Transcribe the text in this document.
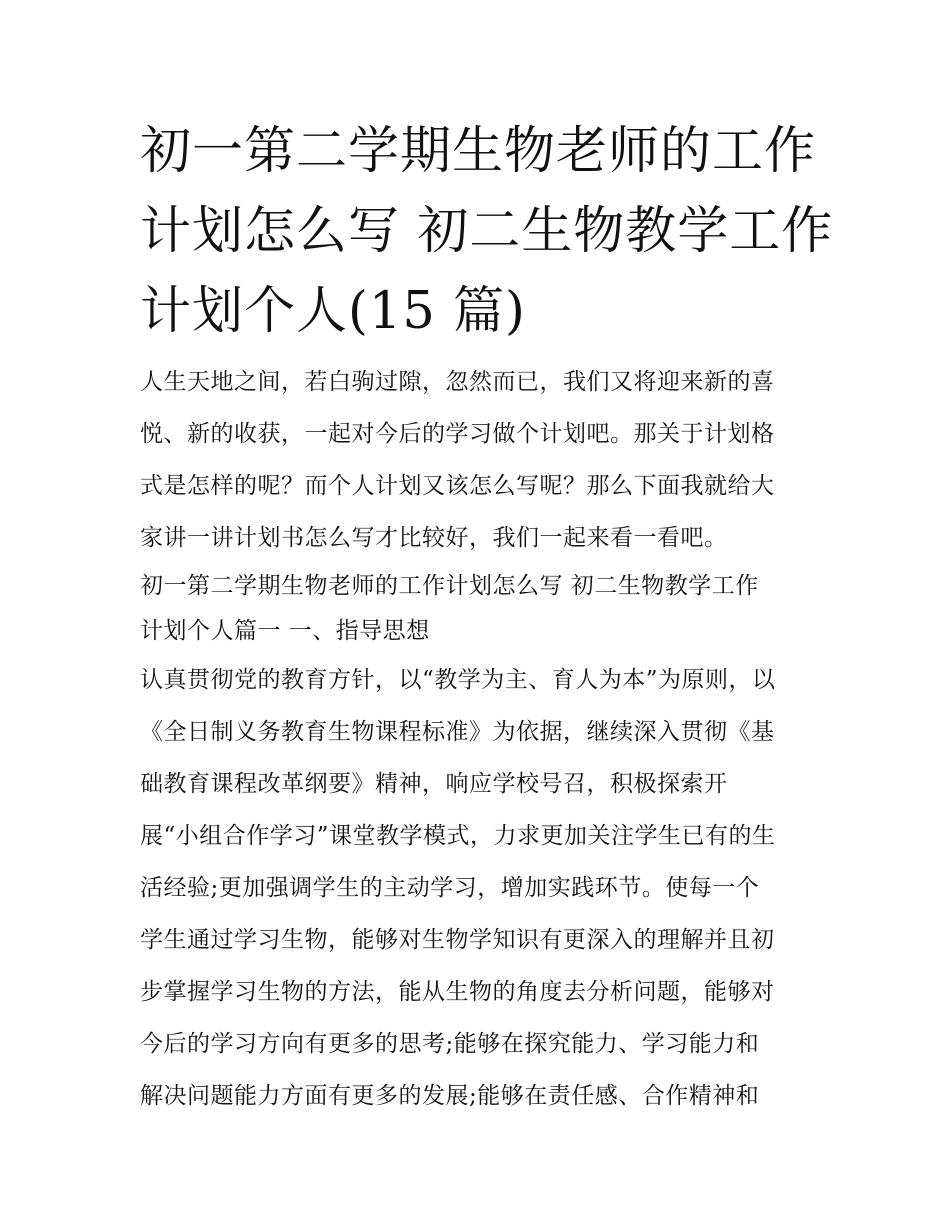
初一第二学期生物老师的工作
计划怎么写 初二生物教学工作
计划个人(15 篇)
人生天地之间，若白驹过隙，忽然而已，我们又将迎来新的喜
悦、新的收获，一起对今后的学习做个计划吧。那关于计划格
式是怎样的呢？而个人计划又该怎么写呢？那么下面我就给大
家讲一讲计划书怎么写才比较好，我们一起来看一看吧。
初一第二学期生物老师的工作计划怎么写 初二生物教学工作
计划个人篇一 一、指导思想
认真贯彻党的教育方针，以“教学为主、育人为本”为原则，以
《全日制义务教育生物课程标准》为依据，继续深入贯彻《基
础教育课程改革纲要》精神，响应学校号召，积极探索开
展“小组合作学习”课堂教学模式，力求更加关注学生已有的生
活经验;更加强调学生的主动学习，增加实践环节。使每一个
学生通过学习生物，能够对生物学知识有更深入的理解并且初
步掌握学习生物的方法，能从生物的角度去分析问题，能够对
今后的学习方向有更多的思考;能够在探究能力、学习能力和
解决问题能力方面有更多的发展;能够在责任感、合作精神和
